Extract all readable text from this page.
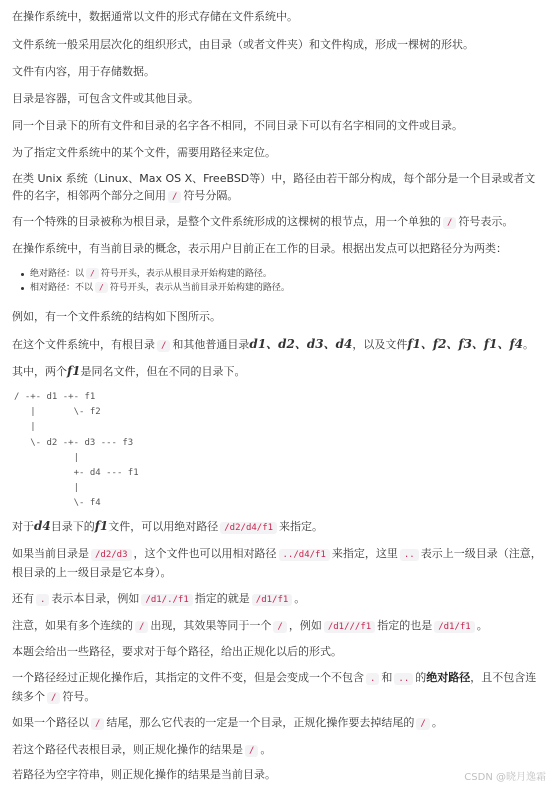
在操作系统中，数据通常以文件的形式存储在文件系统中。
文件系统一般采用层次化的组织形式，由目录（或者文件夹）和文件构成，形成一棵树的形状。
文件有内容，用于存储数据。
目录是容器，可包含文件或其他目录。
同一个目录下的所有文件和目录的名字各不相同，不同目录下可以有名字相同的文件或目录。
为了指定文件系统中的某个文件，需要用路径来定位。
在类 Unix 系统（Linux、Max OS X、FreeBSD等）中，路径由若干部分构成，每个部分是一个目录或者文件的名字，相邻两个部分之间用 / 符号分隔。
有一个特殊的目录被称为根目录，是整个文件系统形成的这棵树的根节点，用一个单独的 / 符号表示。
在操作系统中，有当前目录的概念，表示用户目前正在工作的目录。根据出发点可以把路径分为两类：
绝对路径：以 / 符号开头，表示从根目录开始构建的路径。
相对路径：不以 / 符号开头，表示从当前目录开始构建的路径。
例如，有一个文件系统的结构如下图所示。
在这个文件系统中，有根目录 / 和其他普通目录d1、d2、d3、d4，以及文件f1、f2、f3、f1、f4。
其中，两个f1是同名文件，但在不同的目录下。
/ -+- d1 -+- f1
|       \- f2
|
\- d2 -+- d3 --- f3
|
+- d4 --- f1
|
\- f4
对于d4目录下的f1文件，可以用绝对路径 /d2/d4/f1 来指定。
如果当前目录是 /d2/d3 ，这个文件也可以用相对路径 ../d4/f1 来指定，这里 .. 表示上一级目录（注意，根目录的上一级目录是它本身）。
还有 . 表示本目录，例如 /d1/./f1 指定的就是 /d1/f1 。
注意，如果有多个连续的 / 出现，其效果等同于一个 / ，例如 /d1///f1 指定的也是 /d1/f1 。
本题会给出一些路径，要求对于每个路径，给出正规化以后的形式。
一个路径经过正规化操作后，其指定的文件不变，但是会变成一个不包含 . 和 .. 的绝对路径，且不包含连续多个 / 符号。
如果一个路径以 / 结尾，那么它代表的一定是一个目录，正规化操作要去掉结尾的 / 。
若这个路径代表根目录，则正规化操作的结果是 / 。
若路径为空字符串，则正规化操作的结果是当前目录。	CSDN @晓月逸霜
